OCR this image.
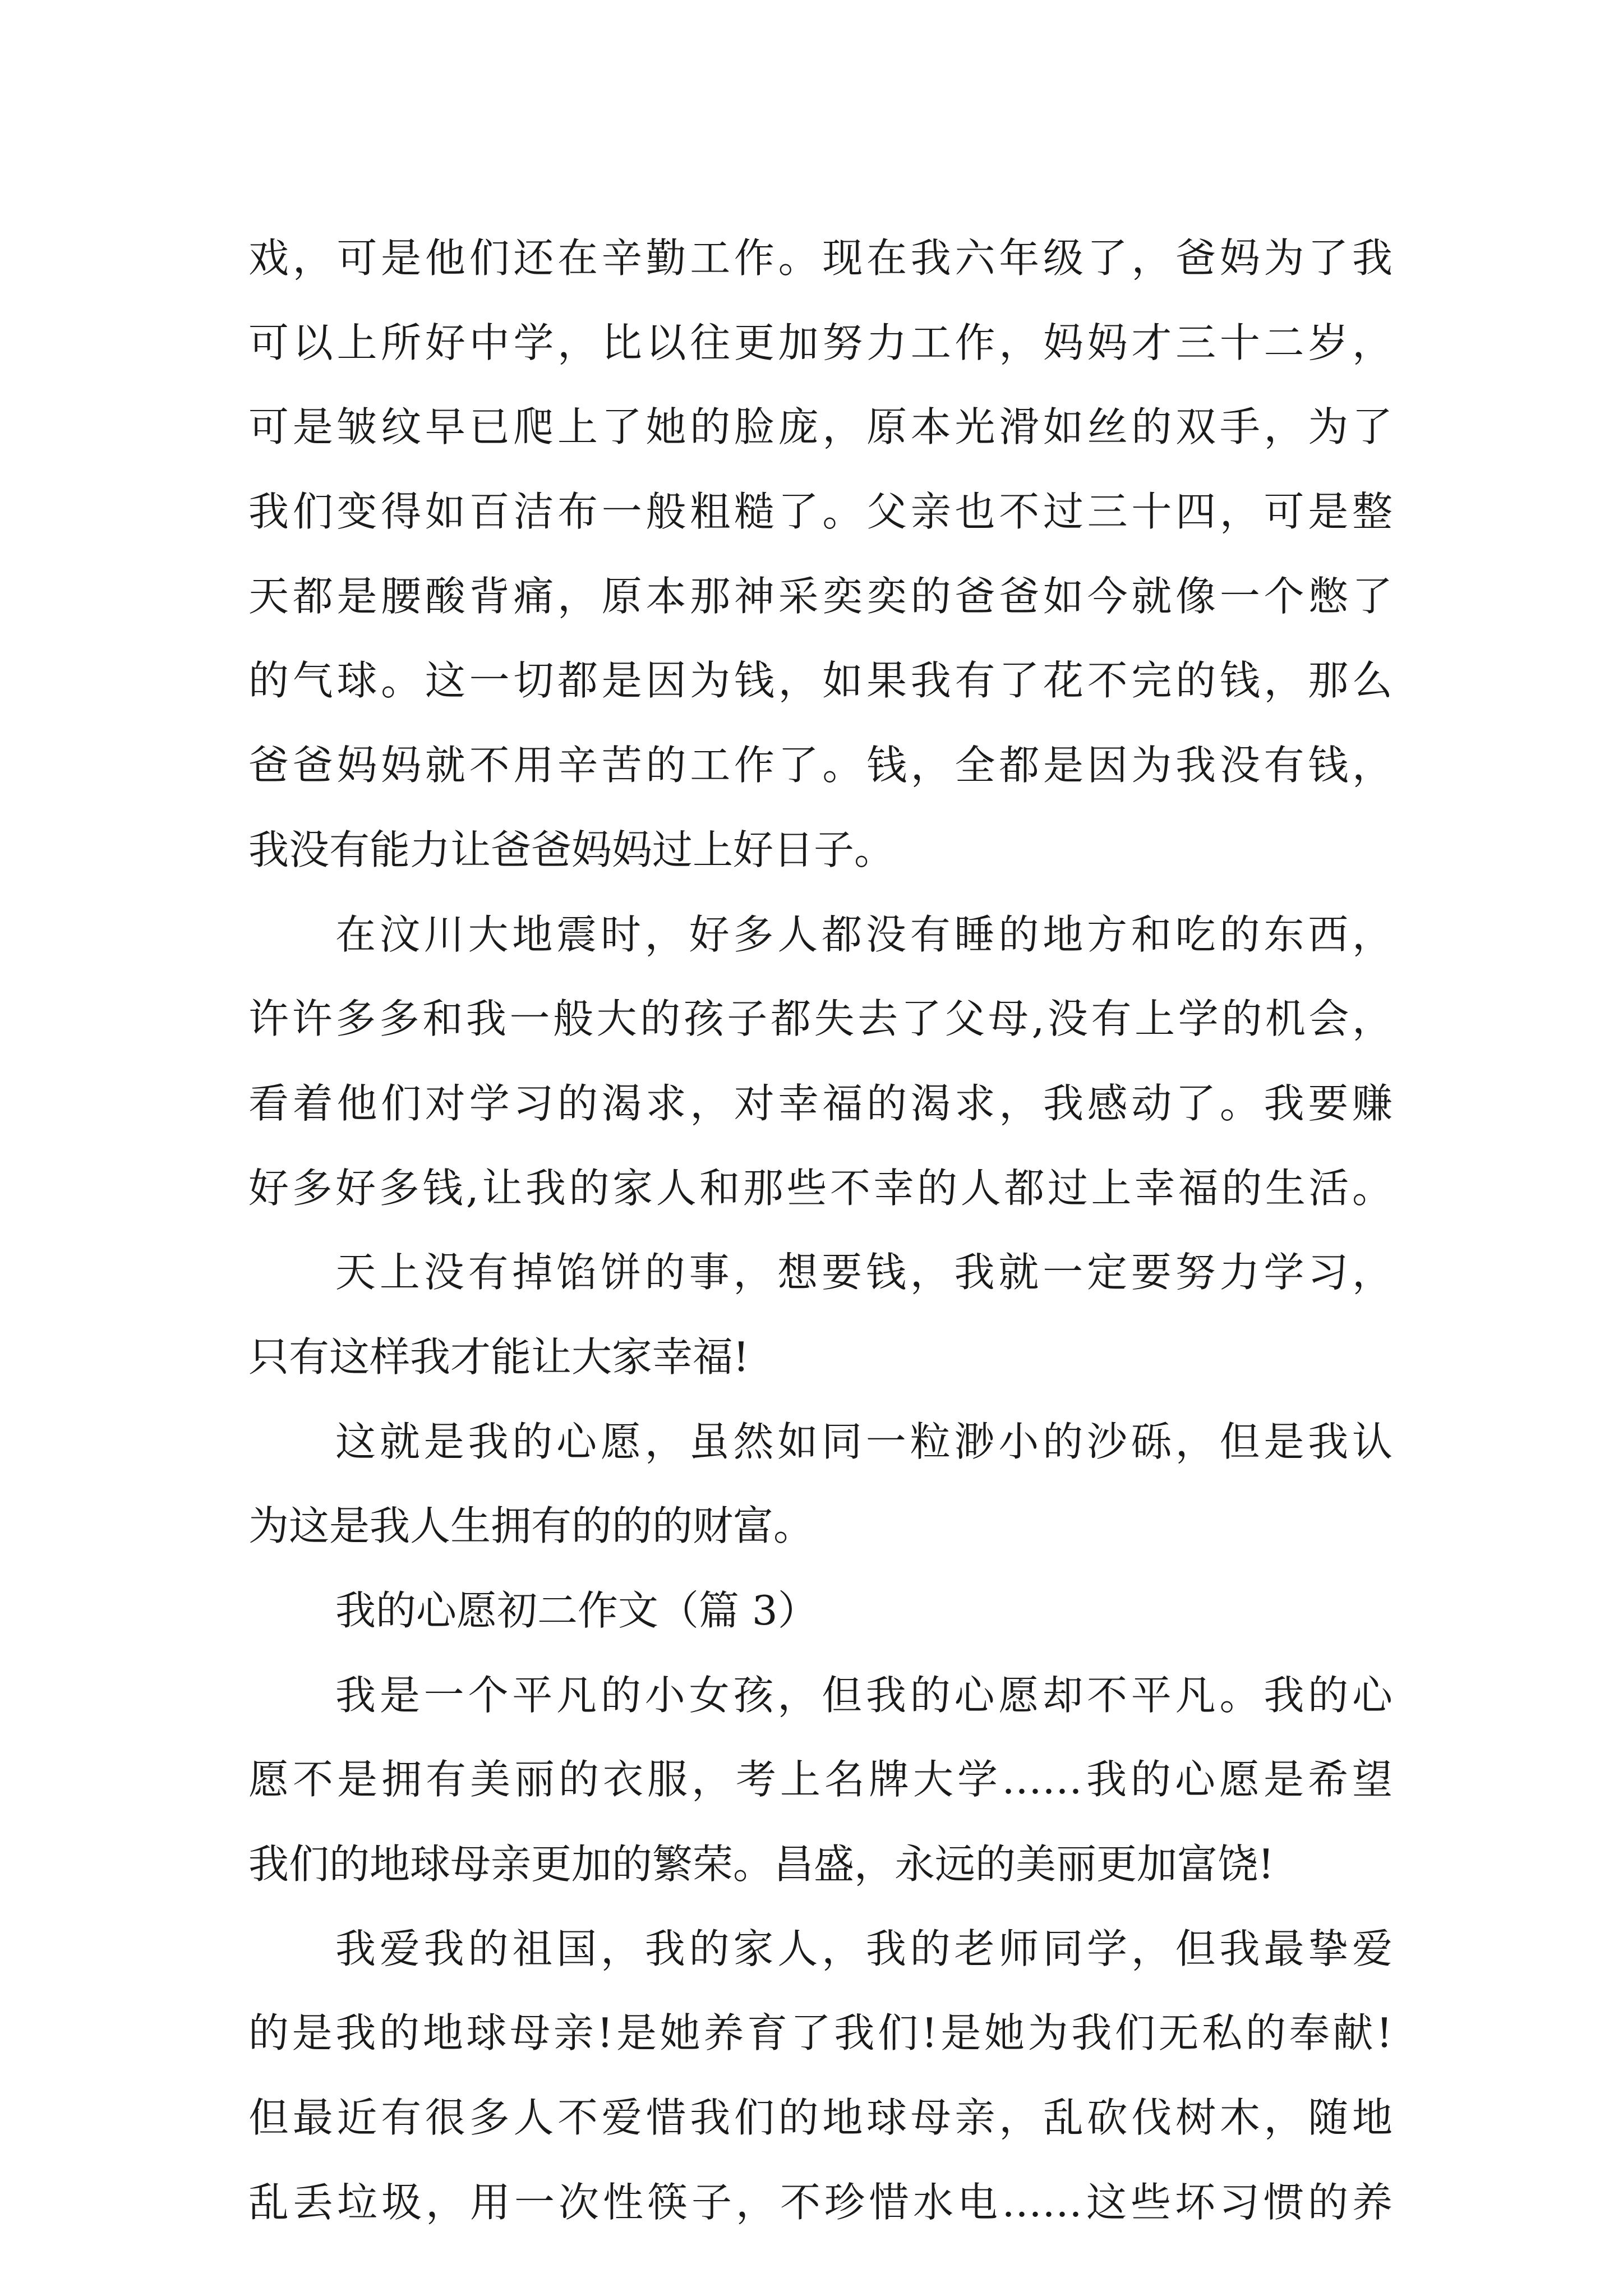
戏，可是他们还在辛勤工作。现在我六年级了，爸妈为了我
可以上所好中学，比以往更加努力工作，妈妈才三十二岁，
可是皱纹早已爬上了她的脸庞，原本光滑如丝的双手，为了
我们变得如百洁布一般粗糙了。父亲也不过三十四，可是整
天都是腰酸背痛，原本那神采奕奕的爸爸如今就像一个憋了
的气球。这一切都是因为钱，如果我有了花不完的钱，那么
爸爸妈妈就不用辛苦的工作了。钱，全都是因为我没有钱，
我没有能力让爸爸妈妈过上好日子。
在汶川大地震时，好多人都没有睡的地方和吃的东西，
许许多多和我一般大的孩子都失去了父母,没有上学的机会，
看着他们对学习的渴求，对幸福的渴求，我感动了。我要赚
好多好多钱,让我的家人和那些不幸的人都过上幸福的生活。
天上没有掉馅饼的事，想要钱，我就一定要努力学习，
只有这样我才能让大家幸福!
这就是我的心愿，虽然如同一粒渺小的沙砾，但是我认
为这是我人生拥有的的的财富。
我的心愿初二作文（篇 3）
我是一个平凡的小女孩，但我的心愿却不平凡。我的心
愿不是拥有美丽的衣服，考上名牌大学……我的心愿是希望
我们的地球母亲更加的繁荣。昌盛，永远的美丽更加富饶!
我爱我的祖国，我的家人，我的老师同学，但我最挚爱
的是我的地球母亲!是她养育了我们!是她为我们无私的奉献!
但最近有很多人不爱惜我们的地球母亲，乱砍伐树木，随地
乱丢垃圾，用一次性筷子，不珍惜水电……这些坏习惯的养
